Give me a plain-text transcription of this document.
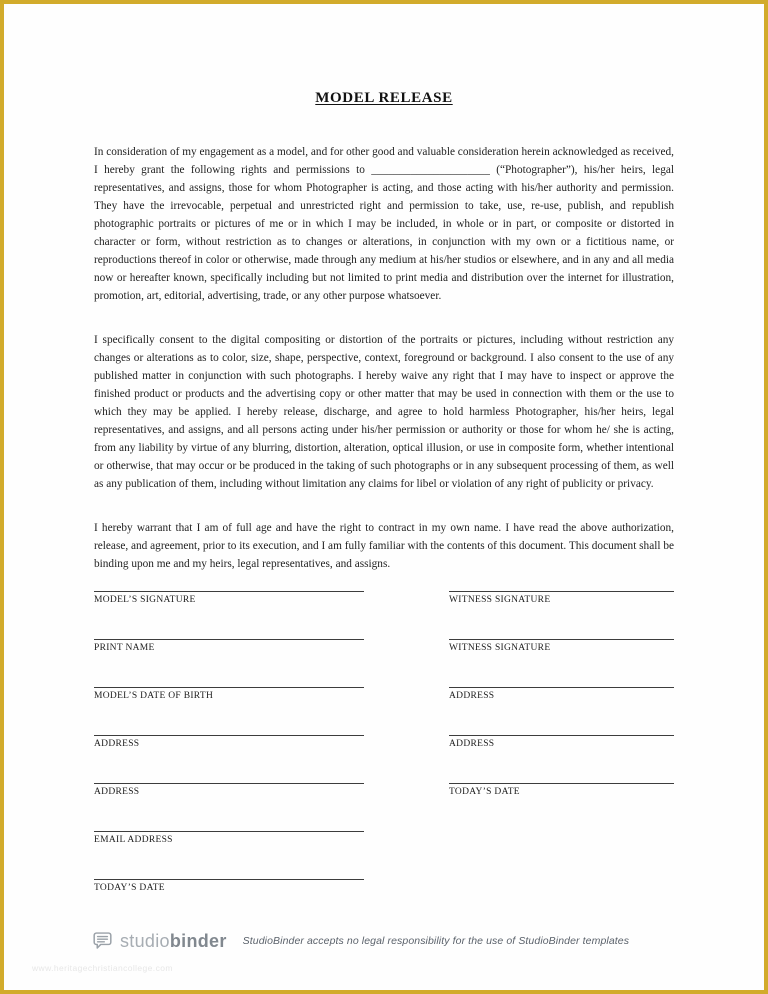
MODEL RELEASE

In consideration of my engagement as a model, and for other good and valuable consideration herein acknowledged as received, I hereby grant the following rights and permissions to _____________________ (“Photographer”), his/her heirs, legal representatives, and assigns, those for whom Photographer is acting, and those acting with his/her authority and permission. They have the irrevocable, perpetual and unrestricted right and permission to take, use, re-use, publish, and republish photographic portraits or pictures of me or in which I may be included, in whole or in part, or composite or distorted in character or form, without restriction as to changes or alterations, in conjunction with my own or a fictitious name, or reproductions thereof in color or otherwise, made through any medium at his/her studios or elsewhere, and in any and all media now or hereafter known, specifically including but not limited to print media and distribution over the internet for illustration, promotion, art, editorial, advertising, trade, or any other purpose whatsoever.

I specifically consent to the digital compositing or distortion of the portraits or pictures, including without restriction any changes or alterations as to color, size, shape, perspective, context, foreground or background. I also consent to the use of any published matter in conjunction with such photographs. I hereby waive any right that I may have to inspect or approve the finished product or products and the advertising copy or other matter that may be used in connection with them or the use to which they may be applied. I hereby release, discharge, and agree to hold harmless Photographer, his/her heirs, legal representatives, and assigns, and all persons acting under his/her permission or authority or those for whom he/ she is acting, from any liability by virtue of any blurring, distortion, alteration, optical illusion, or use in composite form, whether intentional or otherwise, that may occur or be produced in the taking of such photographs or in any subsequent processing of them, as well as any publication of them, including without limitation any claims for libel or violation of any right of publicity or privacy.

I hereby warrant that I am of full age and have the right to contract in my own name. I have read the above authorization, release, and agreement, prior to its execution, and I am fully familiar with the contents of this document. This document shall be binding upon me and my heirs, legal representatives, and assigns.

MODEL’S SIGNATURE
PRINT NAME
MODEL’S DATE OF BIRTH
ADDRESS
ADDRESS
EMAIL ADDRESS
TODAY’S DATE
WITNESS SIGNATURE
WITNESS SIGNATURE
ADDRESS
ADDRESS
TODAY’S DATE
studiobinder StudioBinder accepts no legal responsibility for the use of StudioBinder templates
www.heritagechristiancollege.com
